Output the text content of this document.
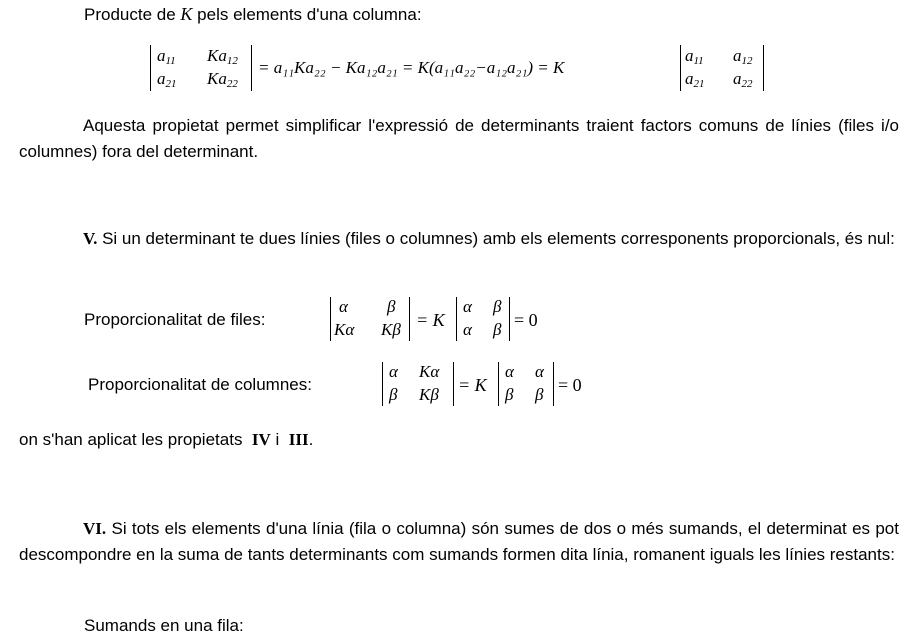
Producte de K pels elements d'una columna:
$a_{11}$ $Ka_{12}$
$a_{21}$ $Ka_{22}$
= a₁₁Ka₂₂ − Ka₁₂a₂₁ = K(a₁₁a₂₂−a₁₂a₂₁) = K
$a_{11}$ $a_{12}$
$a_{21}$ $a_{22}$
Aquesta propietat permet simplificar l'expressió de determinants traient factors comuns de línies (files i/o columnes) fora del determinant.
V. Si un determinant te dues línies (files o columnes) amb els elements corresponents proporcionals, és nul:
Proporcionalitat de files:
α β
Kα Kβ = K
α β
α β = 0
Proporcionalitat de columnes:
α Kα
β Kβ = K
α α
β β = 0
on s'han aplicat les propietats IV i III.
VI. Si tots els elements d'una línia (fila o columna) són sumes de dos o més sumands, el determinat es pot descompondre en la suma de tants determinants com sumands formen dita línia, romanent iguals les línies restants:
Sumands en una fila:
